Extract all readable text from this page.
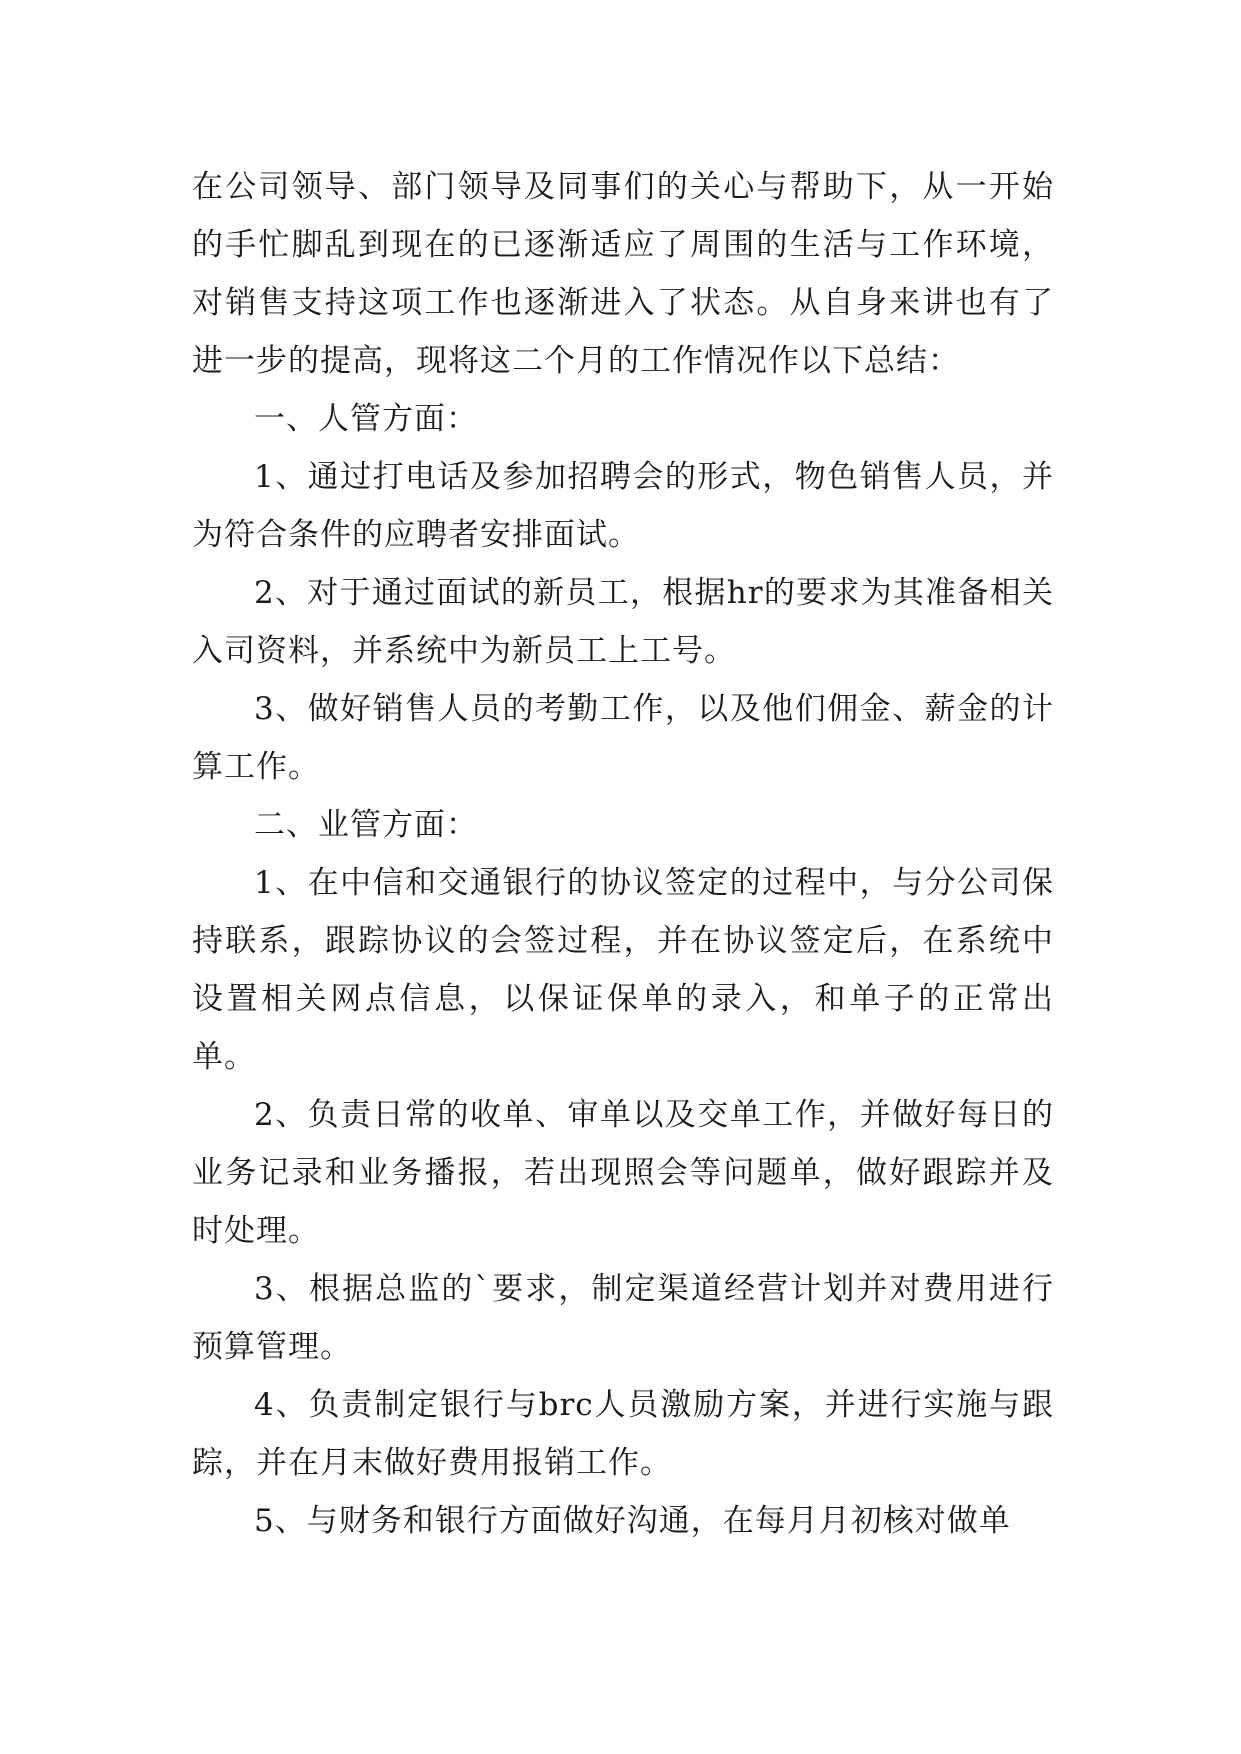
在公司领导、部门领导及同事们的关心与帮助下，从一开始的手忙脚乱到现在的已逐渐适应了周围的生活与工作环境，对销售支持这项工作也逐渐进入了状态。从自身来讲也有了进一步的提高，现将这二个月的工作情况作以下总结：

一、人管方面：

1、通过打电话及参加招聘会的形式，物色销售人员，并为符合条件的应聘者安排面试。

2、对于通过面试的新员工，根据hr的要求为其准备相关入司资料，并系统中为新员工上工号。

3、做好销售人员的考勤工作，以及他们佣金、薪金的计算工作。

二、业管方面：

1、在中信和交通银行的协议签定的过程中，与分公司保持联系，跟踪协议的会签过程，并在协议签定后，在系统中设置相关网点信息，以保证保单的录入，和单子的正常出单。

2、负责日常的收单、审单以及交单工作，并做好每日的业务记录和业务播报，若出现照会等问题单，做好跟踪并及时处理。

3、根据总监的`要求，制定渠道经营计划并对费用进行预算管理。

4、负责制定银行与brc人员激励方案，并进行实施与跟踪，并在月末做好费用报销工作。

5、与财务和银行方面做好沟通，在每月月初核对做单
